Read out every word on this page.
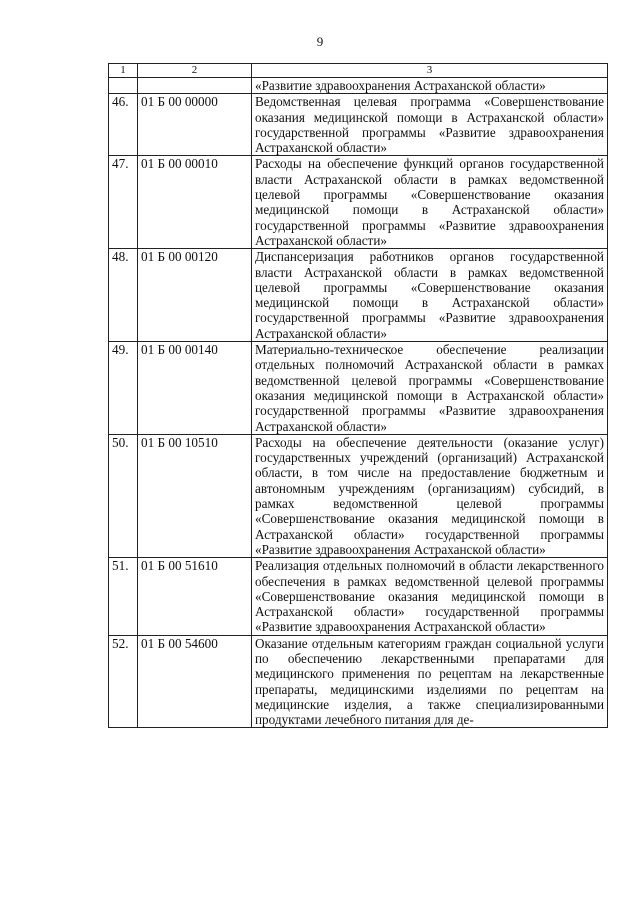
9
1	2	3
		«Развитие здравоохранения Астраханской области»
46.	01 Б 00 00000	Ведомственная целевая программа «Совершенствование оказания медицинской помощи в Астраханской области» государственной программы «Развитие здравоохранения Астраханской области»
47.	01 Б 00 00010	Расходы на обеспечение функций органов государственной власти Астраханской области в рамках ведомственной целевой программы «Совершенствование оказания медицинской помощи в Астраханской области» государственной программы «Развитие здравоохранения Астраханской области»
48.	01 Б 00 00120	Диспансеризация работников органов государственной власти Астраханской области в рамках ведомственной целевой программы «Совершенствование оказания медицинской помощи в Астраханской области» государственной программы «Развитие здравоохранения Астраханской области»
49.	01 Б 00 00140	Материально-техническое обеспечение реализации отдельных полномочий Астраханской области в рамках ведомственной целевой программы «Совершенствование оказания медицинской помощи в Астраханской области» государственной программы «Развитие здравоохранения Астраханской области»
50.	01 Б 00 10510	Расходы на обеспечение деятельности (оказание услуг) государственных учреждений (организаций) Астраханской области, в том числе на предоставление бюджетным и автономным учреждениям (организациям) субсидий, в рамках ведомственной целевой программы «Совершенствование оказания медицинской помощи в Астраханской области» государственной программы «Развитие здравоохранения Астраханской области»
51.	01 Б 00 51610	Реализация отдельных полномочий в области лекарственного обеспечения в рамках ведомственной целевой программы «Совершенствование оказания медицинской помощи в Астраханской области» государственной программы «Развитие здравоохранения Астраханской области»
52.	01 Б 00 54600	Оказание отдельным категориям граждан социальной услуги по обеспечению лекарственными препаратами для медицинского применения по рецептам на лекарственные препараты, медицинскими изделиями по рецептам на медицинские изделия, а также специализированными продуктами лечебного питания для де-
